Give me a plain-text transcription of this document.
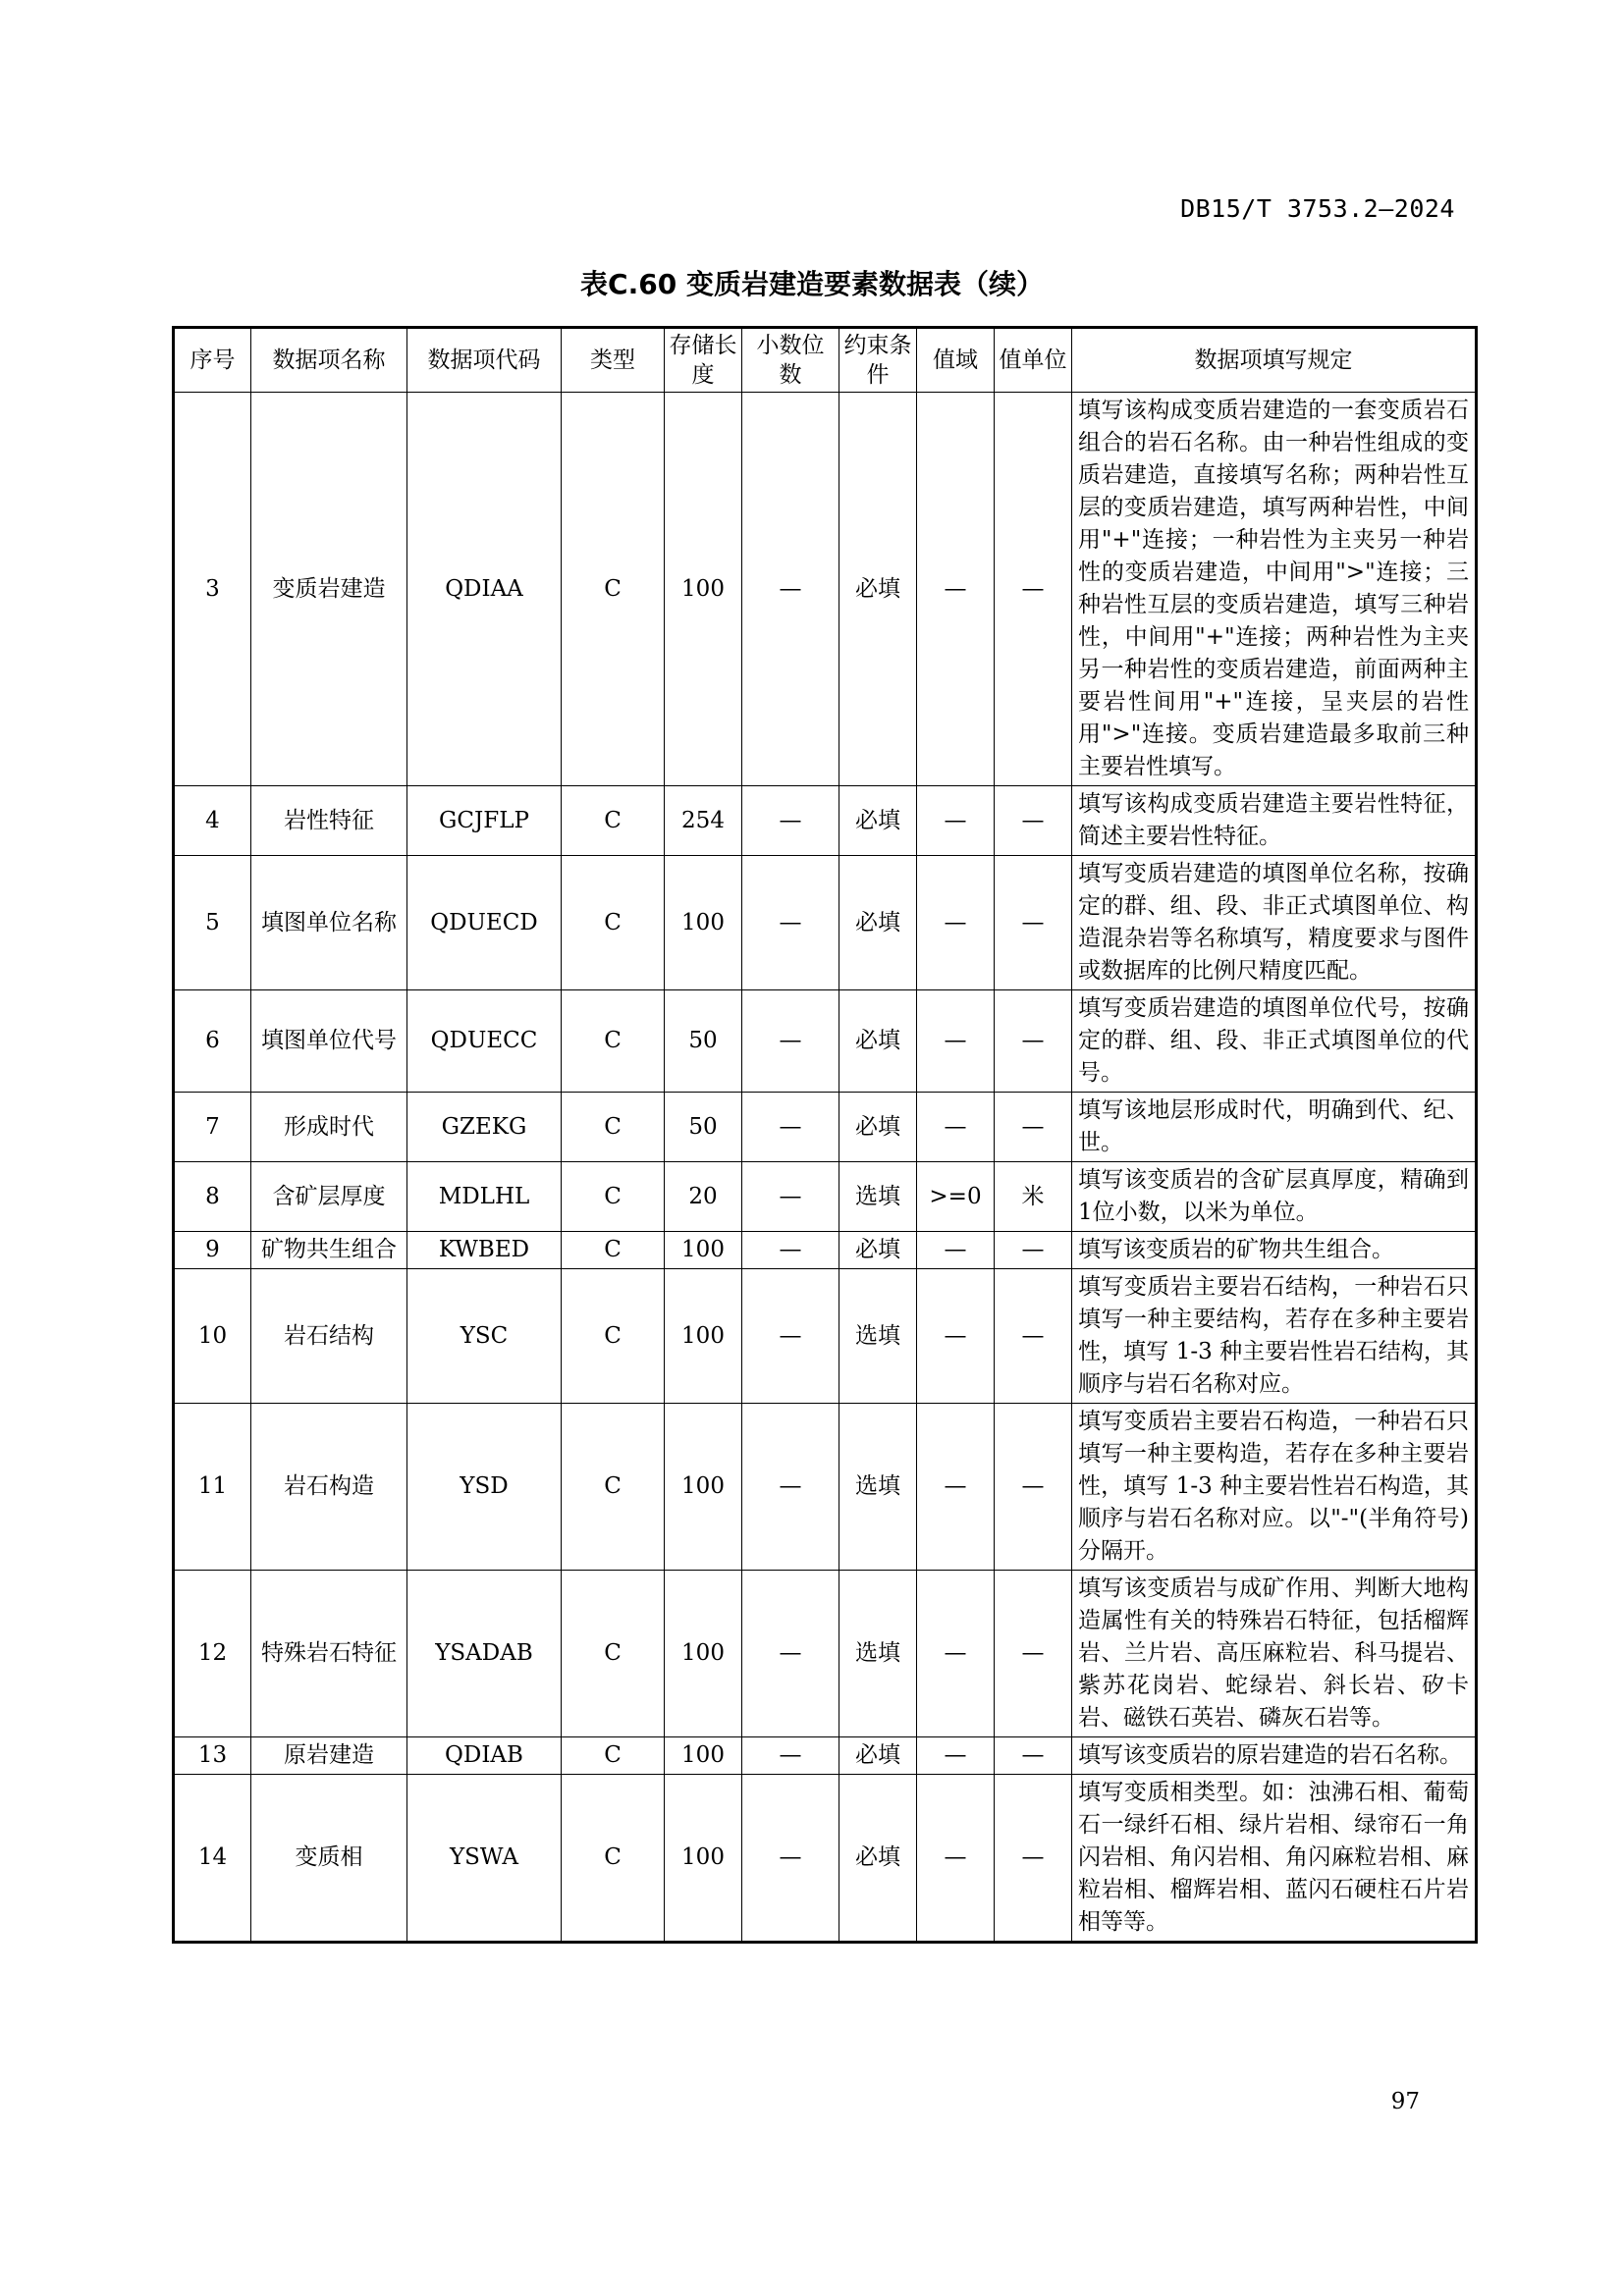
DB15/T 3753.2—2024
表C.60 变质岩建造要素数据表（续）
序号	数据项名称	数据项代码	类型	存储长度	小数位数	约束条件	值域	值单位	数据项填写规定
3	变质岩建造	QDIAA	C	100	—	必填	—	—	填写该构成变质岩建造的一套变质岩石组合的岩石名称。由一种岩性组成的变质岩建造，直接填写名称；两种岩性互层的变质岩建造，填写两种岩性，中间用"+"连接；一种岩性为主夹另一种岩性的变质岩建造，中间用">"连接；三种岩性互层的变质岩建造，填写三种岩性，中间用"+"连接；两种岩性为主夹另一种岩性的变质岩建造，前面两种主要岩性间用"+"连接，呈夹层的岩性用">"连接。变质岩建造最多取前三种主要岩性填写。
4	岩性特征	GCJFLP	C	254	—	必填	—	—	填写该构成变质岩建造主要岩性特征，简述主要岩性特征。
5	填图单位名称	QDUECD	C	100	—	必填	—	—	填写变质岩建造的填图单位名称，按确定的群、组、段、非正式填图单位、构造混杂岩等名称填写，精度要求与图件或数据库的比例尺精度匹配。
6	填图单位代号	QDUECC	C	50	—	必填	—	—	填写变质岩建造的填图单位代号，按确定的群、组、段、非正式填图单位的代号。
7	形成时代	GZEKG	C	50	—	必填	—	—	填写该地层形成时代，明确到代、纪、世。
8	含矿层厚度	MDLHL	C	20	—	选填	>=0	米	填写该变质岩的含矿层真厚度，精确到1位小数，以米为单位。
9	矿物共生组合	KWBED	C	100	—	必填	—	—	填写该变质岩的矿物共生组合。
10	岩石结构	YSC	C	100	—	选填	—	—	填写变质岩主要岩石结构，一种岩石只填写一种主要结构，若存在多种主要岩性，填写 1-3 种主要岩性岩石结构，其顺序与岩石名称对应。
11	岩石构造	YSD	C	100	—	选填	—	—	填写变质岩主要岩石构造，一种岩石只填写一种主要构造，若存在多种主要岩性，填写 1-3 种主要岩性岩石构造，其顺序与岩石名称对应。以"-"(半角符号)分隔开。
12	特殊岩石特征	YSADAB	C	100	—	选填	—	—	填写该变质岩与成矿作用、判断大地构造属性有关的特殊岩石特征，包括榴辉岩、兰片岩、高压麻粒岩、科马提岩、紫苏花岗岩、蛇绿岩、斜长岩、矽卡岩、磁铁石英岩、磷灰石岩等。
13	原岩建造	QDIAB	C	100	—	必填	—	—	填写该变质岩的原岩建造的岩石名称。
14	变质相	YSWA	C	100	—	必填	—	—	填写变质相类型。如：浊沸石相、葡萄石一绿纤石相、绿片岩相、绿帘石一角闪岩相、角闪岩相、角闪麻粒岩相、麻粒岩相、榴辉岩相、蓝闪石硬柱石片岩相等等。
97
